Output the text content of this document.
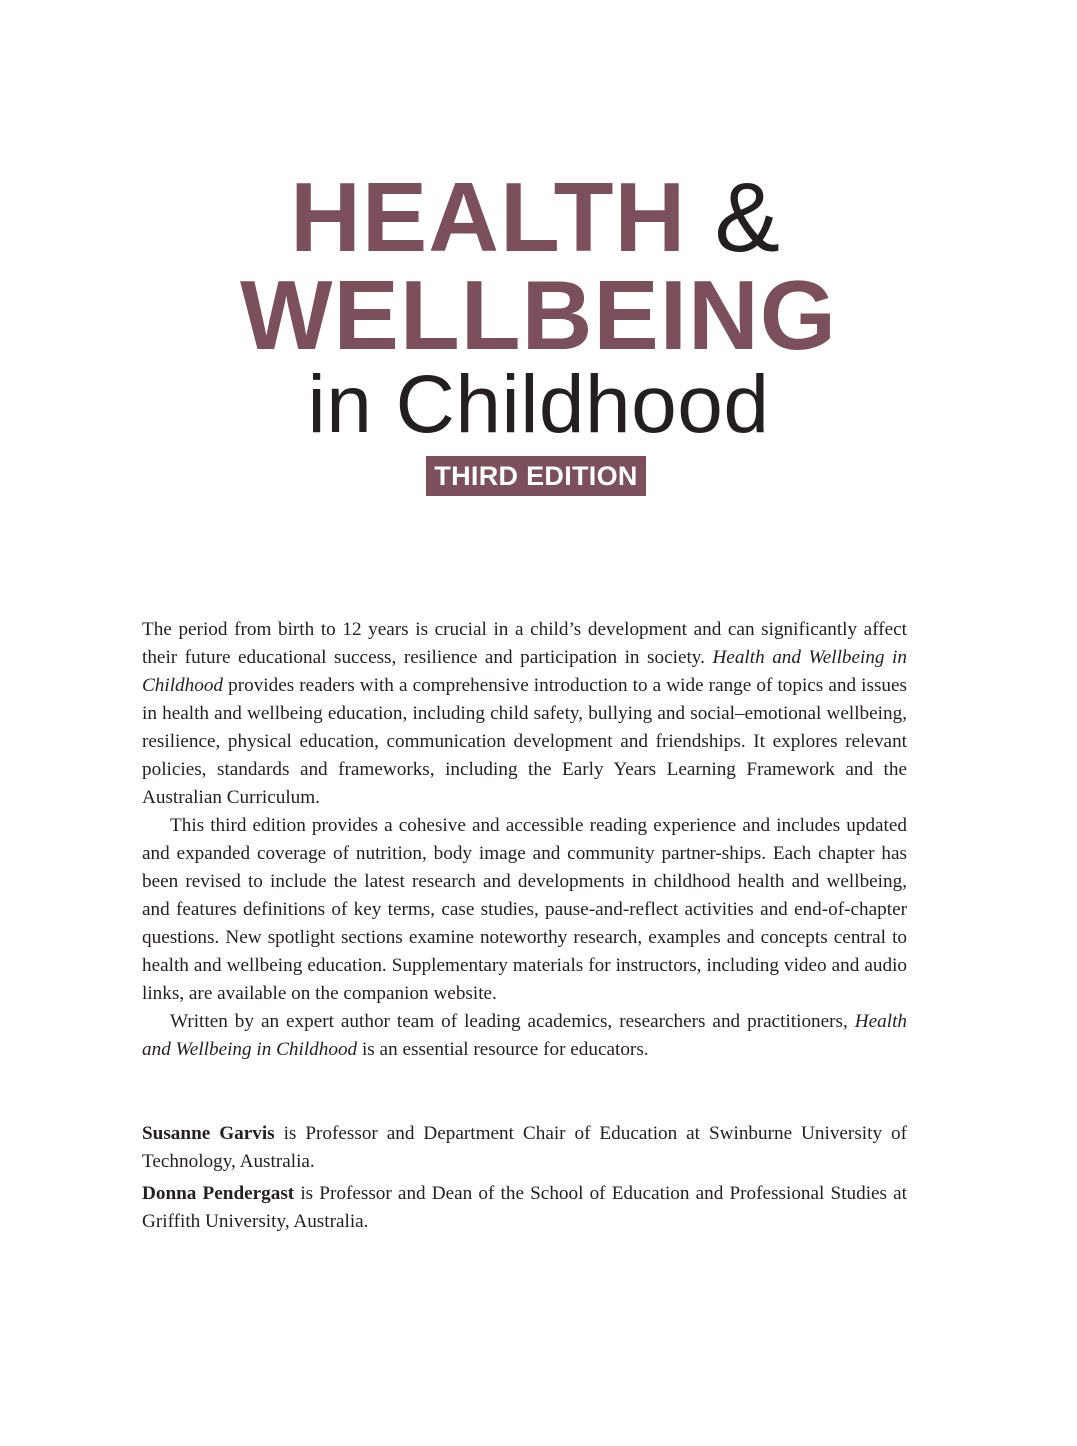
HEALTH &
WELLBEING
in Childhood
THIRD EDITION

The period from birth to 12 years is crucial in a child’s development and can significantly affect their future educational success, resilience and participation in society. Health and Wellbeing in Childhood provides readers with a comprehensive introduction to a wide range of topics and issues in health and wellbeing education, including child safety, bullying and social–emotional wellbeing, resilience, physical education, communication development and friendships. It explores relevant policies, standards and frameworks, including the Early Years Learning Framework and the Australian Curriculum.

This third edition provides a cohesive and accessible reading experience and includes updated and expanded coverage of nutrition, body image and community partner-ships. Each chapter has been revised to include the latest research and developments in childhood health and wellbeing, and features definitions of key terms, case studies, pause-and-reflect activities and end-of-chapter questions. New spotlight sections examine noteworthy research, examples and concepts central to health and wellbeing education. Supplementary materials for instructors, including video and audio links, are available on the companion website.

Written by an expert author team of leading academics, researchers and practitioners, Health and Wellbeing in Childhood is an essential resource for educators.

Susanne Garvis is Professor and Department Chair of Education at Swinburne University of Technology, Australia.

Donna Pendergast is Professor and Dean of the School of Education and Professional Studies at Griffith University, Australia.
